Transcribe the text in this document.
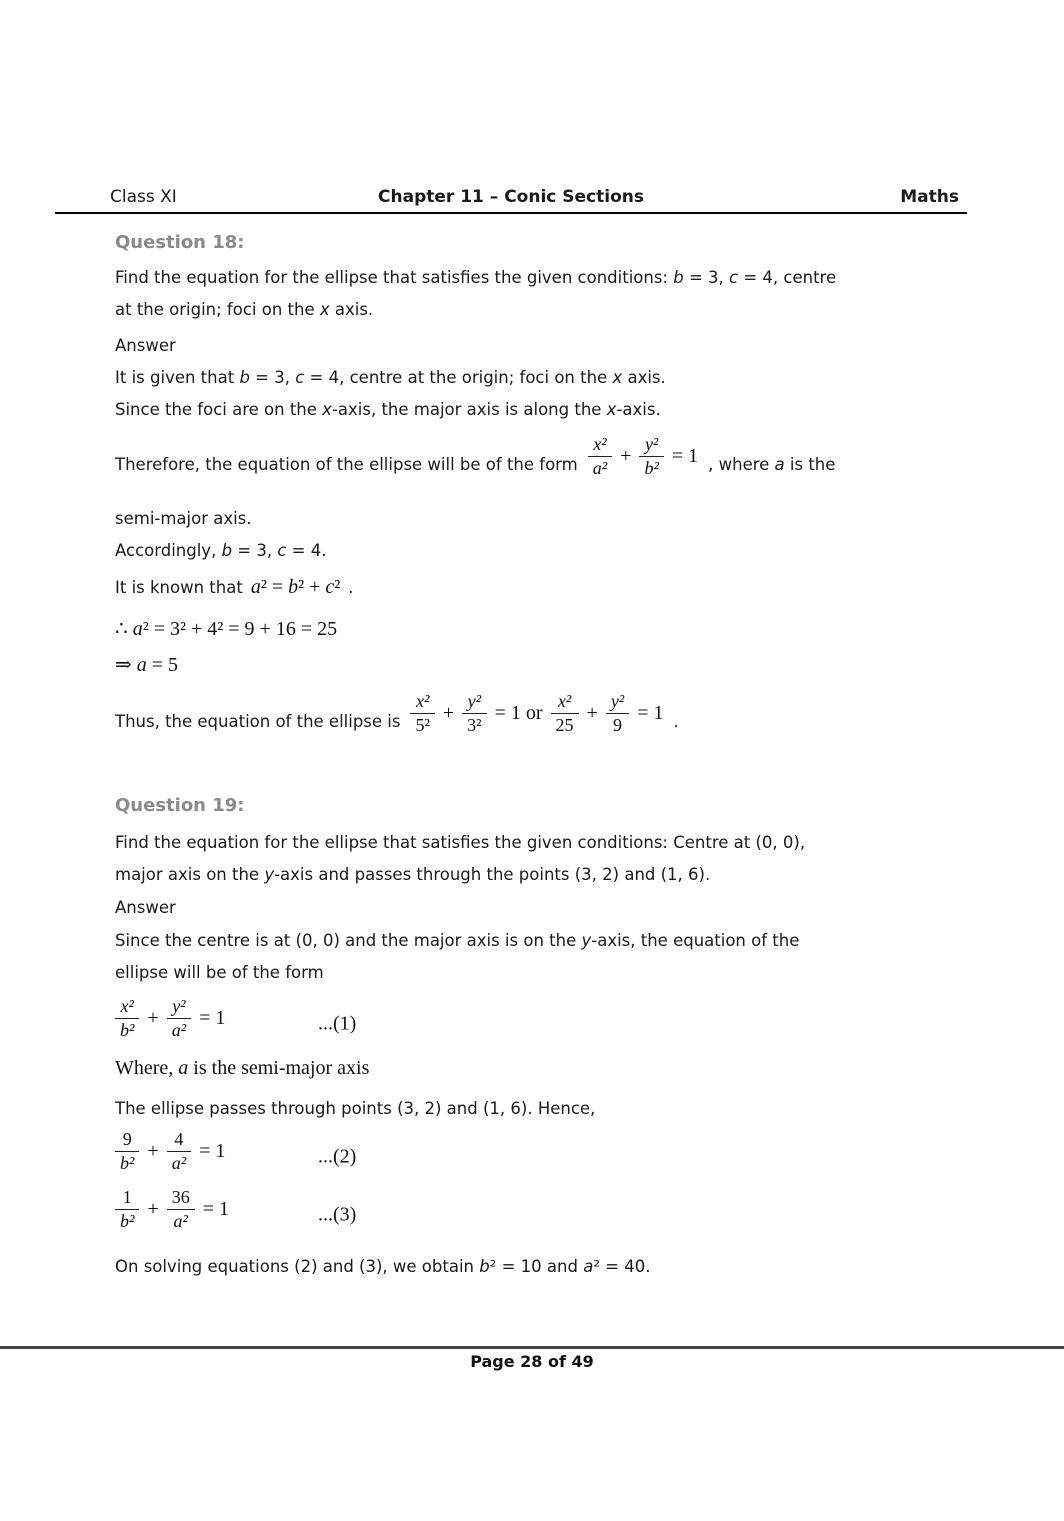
Class XI	Chapter 11 – Conic Sections	Maths
Question 18:
Find the equation for the ellipse that satisfies the given conditions: b = 3, c = 4, centre
at the origin; foci on the x axis.
Answer
It is given that b = 3, c = 4, centre at the origin; foci on the x axis.
Since the foci are on the x-axis, the major axis is along the x-axis.
Therefore, the equation of the ellipse will be of the form $\frac{\text{x²}}{\text{a²}} + \frac{\text{y²}}{\text{b²}} = 1$ , where a is the
semi-major axis.
Accordingly, b = 3, c = 4.
It is known that a² = b² + c² .
∴ a² = 3² + 4² = 9 + 16 = 25
⇒ a = 5
Thus, the equation of the ellipse is $\frac{\text{x²}}{\text{5²}} + \frac{\text{y²}}{\text{3²}} = 1$ or $\frac{\text{x²}}{25} + \frac{\text{y²}}{9} = 1$ .
Question 19:
Find the equation for the ellipse that satisfies the given conditions: Centre at (0, 0),
major axis on the y-axis and passes through the points (3, 2) and (1, 6).
Answer
Since the centre is at (0, 0) and the major axis is on the y-axis, the equation of the
ellipse will be of the form
$\frac{\text{x²}}{\text{b²}} + \frac{\text{y²}}{\text{a²}} = 1$	...(1)
Where, a is the semi-major axis
The ellipse passes through points (3, 2) and (1, 6). Hence,
$\frac{9}{\text{b²}} + \frac{4}{\text{a²}} = 1$	...(2)
$\frac{1}{\text{b²}} + \frac{36}{\text{a²}} = 1$	...(3)
On solving equations (2) and (3), we obtain b² = 10 and a² = 40.
Page 28 of 49
